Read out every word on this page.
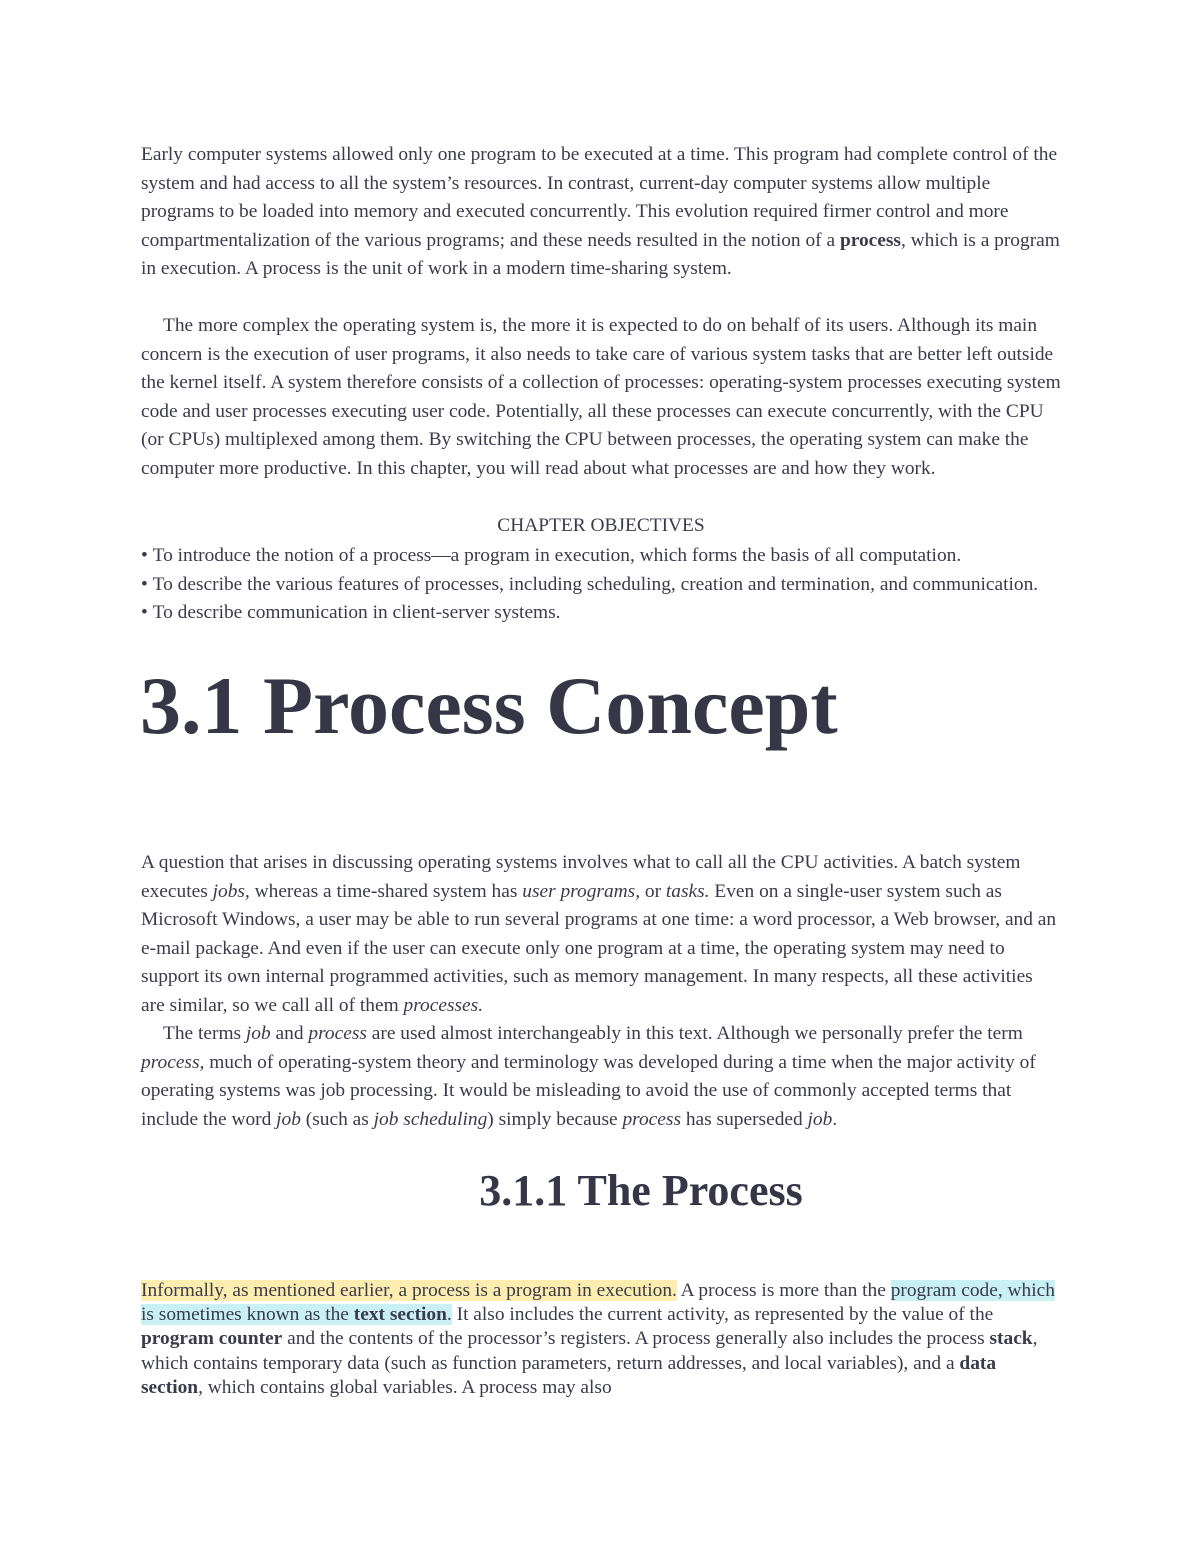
Early computer systems allowed only one program to be executed at a time. This program had complete control of the system and had access to all the system’s resources. In contrast, current-day computer systems allow multiple programs to be loaded into memory and executed concurrently. This evolution required firmer control and more compartmentalization of the various programs; and these needs resulted in the notion of a process, which is a program in execution. A process is the unit of work in a modern time-sharing system.

The more complex the operating system is, the more it is expected to do on behalf of its users. Although its main concern is the execution of user programs, it also needs to take care of various system tasks that are better left outside the kernel itself. A system therefore consists of a collection of processes: operating-system processes executing system code and user processes executing user code. Potentially, all these processes can execute concurrently, with the CPU (or CPUs) multiplexed among them. By switching the CPU between processes, the operating system can make the computer more productive. In this chapter, you will read about what processes are and how they work.

CHAPTER OBJECTIVES

• To introduce the notion of a process—a program in execution, which forms the basis of all computation.
• To describe the various features of processes, including scheduling, creation and termination, and communication.
• To describe communication in client-server systems.
3.1 Process Concept

A question that arises in discussing operating systems involves what to call all the CPU activities. A batch system executes jobs, whereas a time-shared system has user programs, or tasks. Even on a single-user system such as Microsoft Windows, a user may be able to run several programs at one time: a word processor, a Web browser, and an e-mail package. And even if the user can execute only one program at a time, the operating system may need to support its own internal programmed activities, such as memory management. In many respects, all these activities are similar, so we call all of them processes.

The terms job and process are used almost interchangeably in this text. Although we personally prefer the term process, much of operating-system theory and terminology was developed during a time when the major activity of operating systems was job processing. It would be misleading to avoid the use of commonly accepted terms that include the word job (such as job scheduling) simply because process has superseded job.

3.1.1 The Process

Informally, as mentioned earlier, a process is a program in execution. A process is more than the program code, which is sometimes known as the text section. It also includes the current activity, as represented by the value of the program counter and the contents of the processor’s registers. A process generally also includes the process stack, which contains temporary data (such as function parameters, return addresses, and local variables), and a data section, which contains global variables. A process may also
